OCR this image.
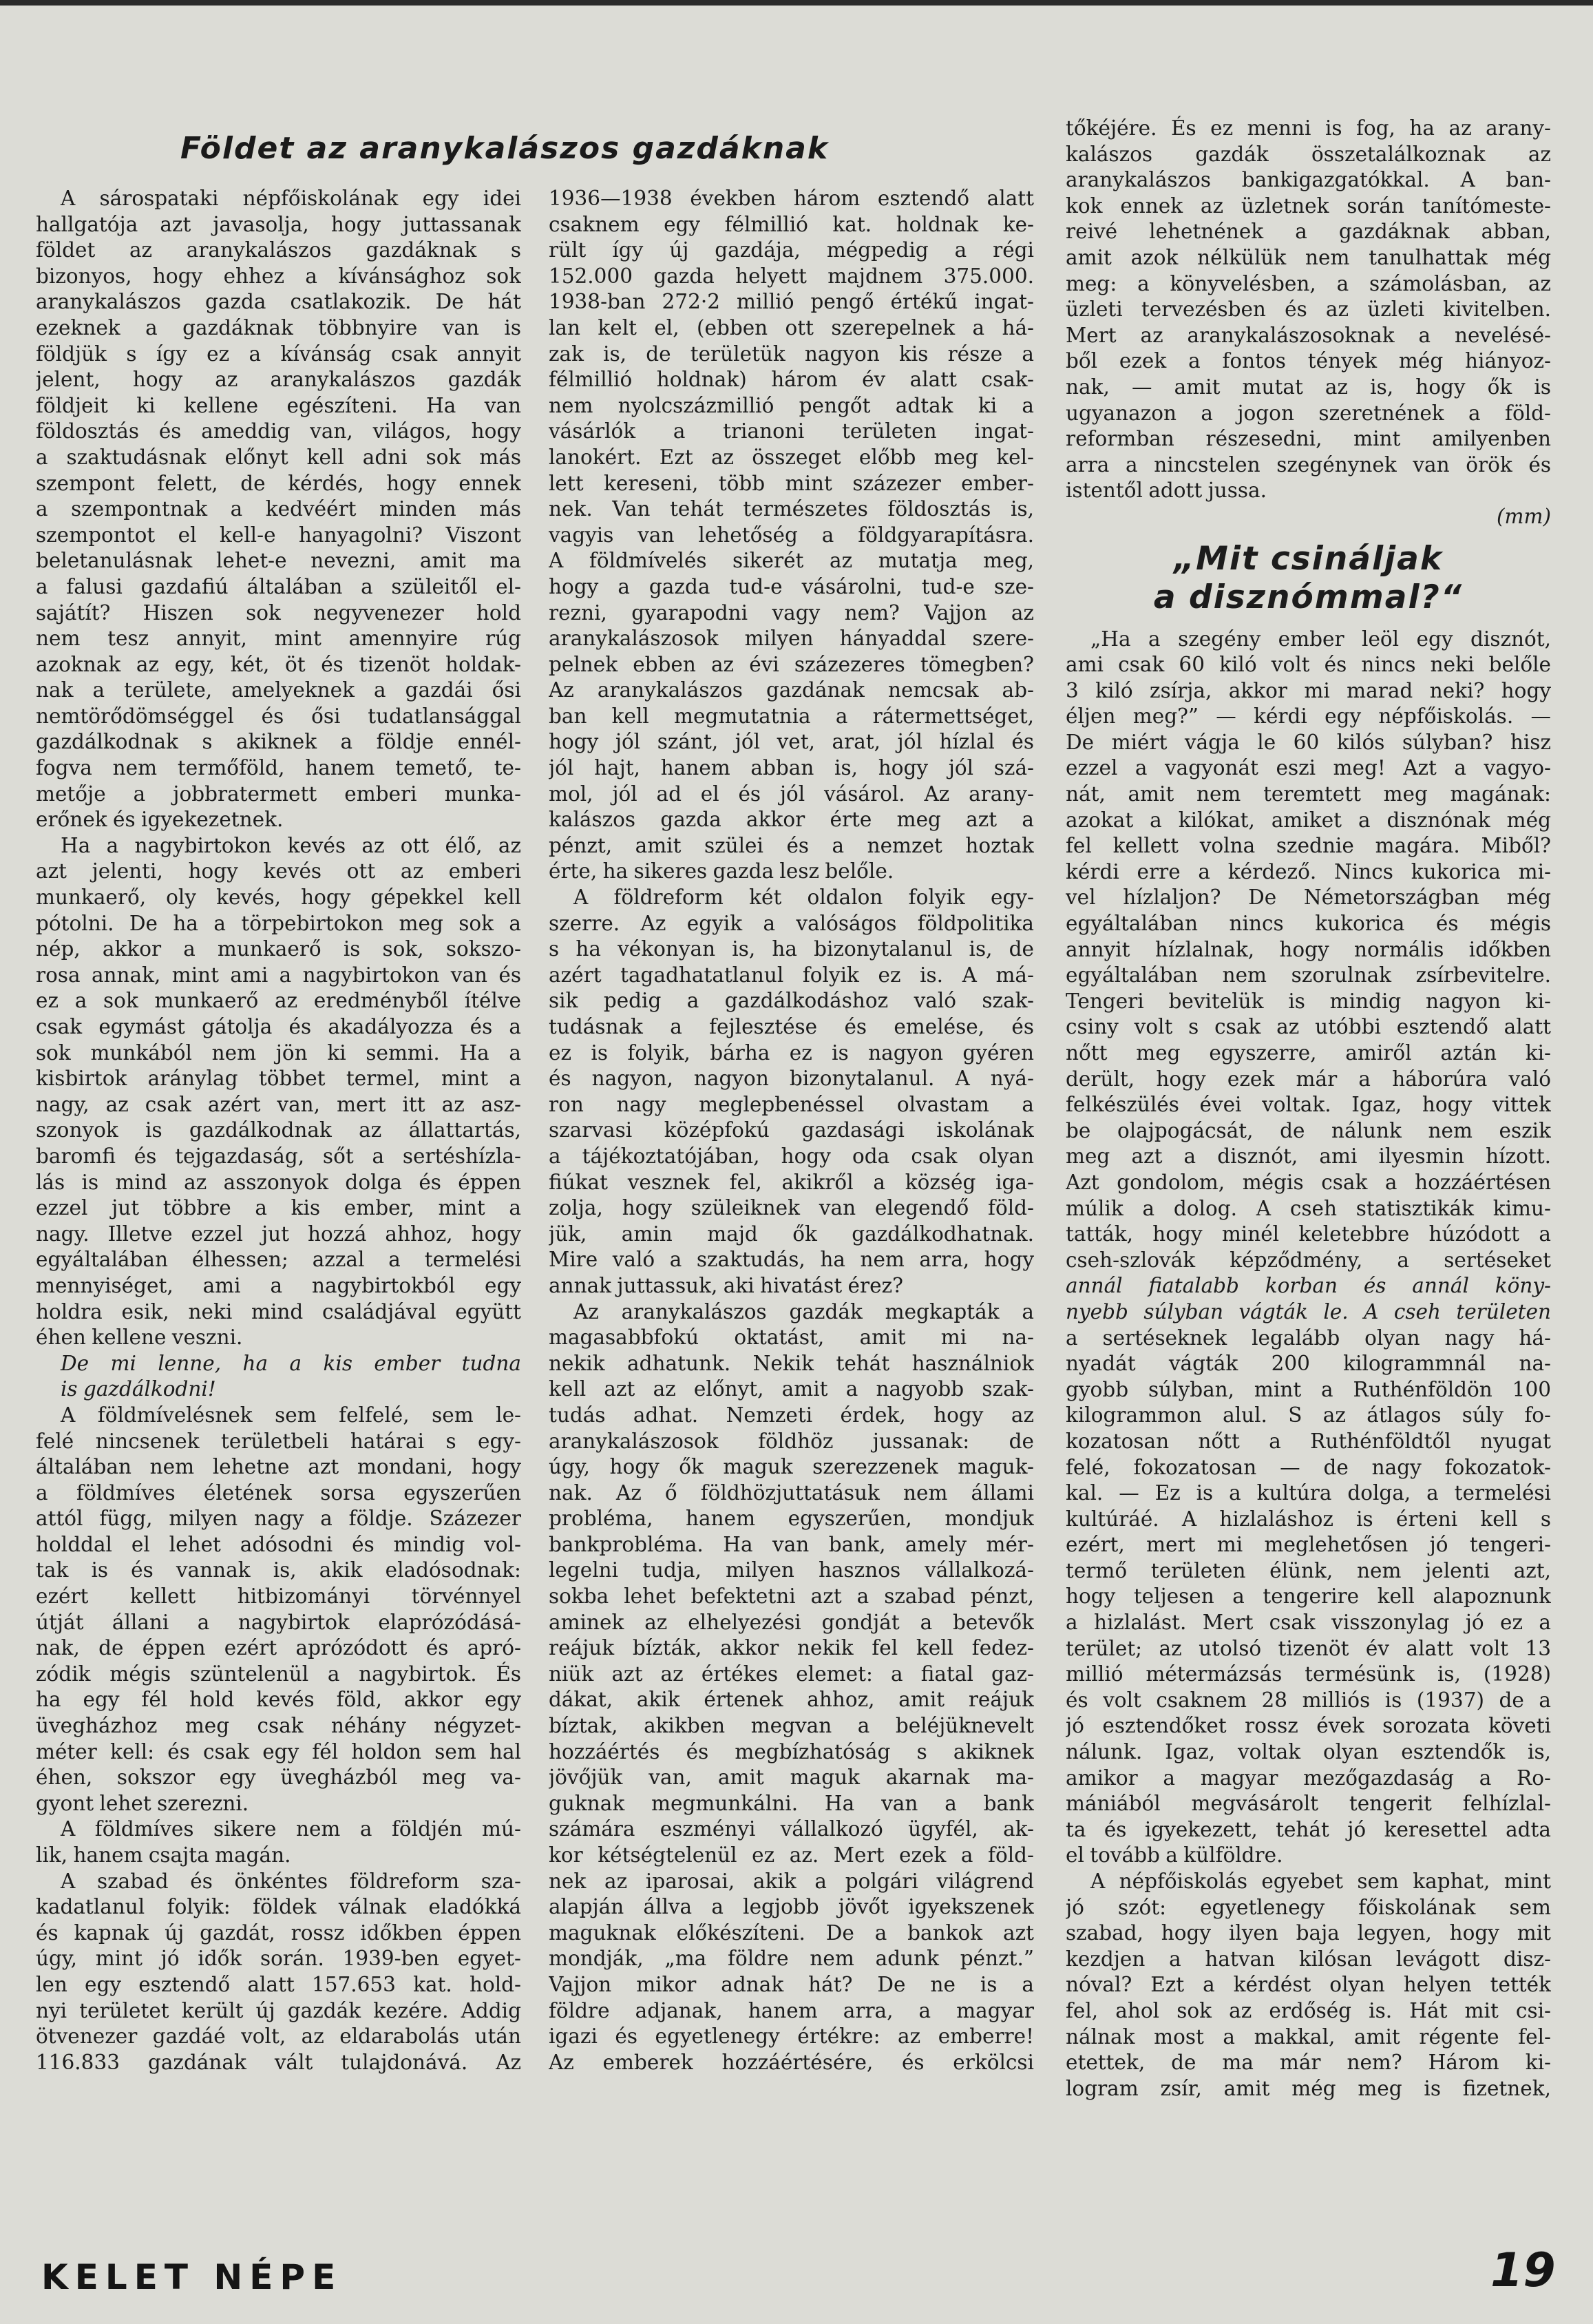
Földet az aranykalászos gazdáknak
A sárospataki népfőiskolának egy idei
hallgatója azt javasolja, hogy juttassanak
földet az aranykalászos gazdáknak s
bizonyos, hogy ehhez a kívánsághoz sok
aranykalászos gazda csatlakozik. De hát
ezeknek a gazdáknak többnyire van is
földjük s így ez a kívánság csak annyit
jelent, hogy az aranykalászos gazdák
földjeit ki kellene egészíteni. Ha van
földosztás és ameddig van, világos, hogy
a szaktudásnak előnyt kell adni sok más
szempont felett, de kérdés, hogy ennek
a szempontnak a kedvéért minden más
szempontot el kell-e hanyagolni? Viszont
beletanulásnak lehet-e nevezni, amit ma
a falusi gazdafiú általában a szüleitől el-
sajátít? Hiszen sok negyvenezer hold
nem tesz annyit, mint amennyire rúg
azoknak az egy, két, öt és tizenöt holdak-
nak a területe, amelyeknek a gazdái ősi
nemtörődömséggel és ősi tudatlansággal
gazdálkodnak s akiknek a földje ennél-
fogva nem termőföld, hanem temető, te-
metője a jobbratermett emberi munka-
erőnek és igyekezetnek.
Ha a nagybirtokon kevés az ott élő, az
azt jelenti, hogy kevés ott az emberi
munkaerő, oly kevés, hogy gépekkel kell
pótolni. De ha a törpebirtokon meg sok a
nép, akkor a munkaerő is sok, sokszo-
rosa annak, mint ami a nagybirtokon van és
ez a sok munkaerő az eredményből ítélve
csak egymást gátolja és akadályozza és a
sok munkából nem jön ki semmi. Ha a
kisbirtok aránylag többet termel, mint a
nagy, az csak azért van, mert itt az asz-
szonyok is gazdálkodnak az állattartás,
baromfi és tejgazdaság, sőt a sertéshízla-
lás is mind az asszonyok dolga és éppen
ezzel jut többre a kis ember, mint a
nagy. Illetve ezzel jut hozzá ahhoz, hogy
egyáltalában élhessen; azzal a termelési
mennyiséget, ami a nagybirtokból egy
holdra esik, neki mind családjával együtt
éhen kellene veszni.
De mi lenne, ha a kis ember tudna
is gazdálkodni!
A földmívelésnek sem felfelé, sem le-
felé nincsenek területbeli határai s egy-
általában nem lehetne azt mondani, hogy
a földmíves életének sorsa egyszerűen
attól függ, milyen nagy a földje. Százezer
holddal el lehet adósodni és mindig vol-
tak is és vannak is, akik eladósodnak:
ezért kellett hitbizományi törvénnyel
útját állani a nagybirtok elaprózódásá-
nak, de éppen ezért aprózódott és apró-
zódik mégis szüntelenül a nagybirtok. És
ha egy fél hold kevés föld, akkor egy
üvegházhoz meg csak néhány négyzet-
méter kell: és csak egy fél holdon sem hal
éhen, sokszor egy üvegházból meg va-
gyont lehet szerezni.
A földmíves sikere nem a földjén mú-
lik, hanem csajta magán.
A szabad és önkéntes földreform sza-
kadatlanul folyik: földek válnak eladókká
és kapnak új gazdát, rossz időkben éppen
úgy, mint jó idők során. 1939-ben egyet-
len egy esztendő alatt 157.653 kat. hold-
nyi területet került új gazdák kezére. Addig
ötvenezer gazdáé volt, az eldarabolás után
116.833 gazdának vált tulajdonává. Az
1936—1938 években három esztendő alatt
csaknem egy félmillió kat. holdnak ke-
rült így új gazdája, mégpedig a régi
152.000 gazda helyett majdnem 375.000.
1938-ban 272·2 millió pengő értékű ingat-
lan kelt el, (ebben ott szerepelnek a há-
zak is, de területük nagyon kis része a
félmillió holdnak) három év alatt csak-
nem nyolcszázmillió pengőt adtak ki a
vásárlók a trianoni területen ingat-
lanokért. Ezt az összeget előbb meg kel-
lett kereseni, több mint százezer ember-
nek. Van tehát természetes földosztás is,
vagyis van lehetőség a földgyarapításra.
A földmívelés sikerét az mutatja meg,
hogy a gazda tud-e vásárolni, tud-e sze-
rezni, gyarapodni vagy nem? Vajjon az
aranykalászosok milyen hányaddal szere-
pelnek ebben az évi százezeres tömegben?
Az aranykalászos gazdának nemcsak ab-
ban kell megmutatnia a rátermettséget,
hogy jól szánt, jól vet, arat, jól hízlal és
jól hajt, hanem abban is, hogy jól szá-
mol, jól ad el és jól vásárol. Az arany-
kalászos gazda akkor érte meg azt a
pénzt, amit szülei és a nemzet hoztak
érte, ha sikeres gazda lesz belőle.
A földreform két oldalon folyik egy-
szerre. Az egyik a valóságos földpolitika
s ha vékonyan is, ha bizonytalanul is, de
azért tagadhatatlanul folyik ez is. A má-
sik pedig a gazdálkodáshoz való szak-
tudásnak a fejlesztése és emelése, és
ez is folyik, bárha ez is nagyon gyéren
és nagyon, nagyon bizonytalanul. A nyá-
ron nagy meglepbenéssel olvastam a
szarvasi középfokú gazdasági iskolának
a tájékoztatójában, hogy oda csak olyan
fiúkat vesznek fel, akikről a község iga-
zolja, hogy szüleiknek van elegendő föld-
jük, amin majd ők gazdálkodhatnak.
Mire való a szaktudás, ha nem arra, hogy
annak juttassuk, aki hivatást érez?
Az aranykalászos gazdák megkapták a
magasabbfokú oktatást, amit mi na-
nekik adhatunk. Nekik tehát használniok
kell azt az előnyt, amit a nagyobb szak-
tudás adhat. Nemzeti érdek, hogy az
aranykalászosok földhöz jussanak: de
úgy, hogy ők maguk szerezzenek maguk-
nak. Az ő földhözjuttatásuk nem állami
probléma, hanem egyszerűen, mondjuk
bankprobléma. Ha van bank, amely mér-
legelni tudja, milyen hasznos vállalkozá-
sokba lehet befektetni azt a szabad pénzt,
aminek az elhelyezési gondját a betevők
reájuk bízták, akkor nekik fel kell fedez-
niük azt az értékes elemet: a fiatal gaz-
dákat, akik értenek ahhoz, amit reájuk
bíztak, akikben megvan a beléjüknevelt
hozzáértés és megbízhatóság s akiknek
jövőjük van, amit maguk akarnak ma-
guknak megmunkálni. Ha van a bank
számára eszményi vállalkozó ügyfél, ak-
kor kétségtelenül ez az. Mert ezek a föld-
nek az iparosai, akik a polgári világrend
alapján állva a legjobb jövőt igyekszenek
maguknak előkészíteni. De a bankok azt
mondják, „ma földre nem adunk pénzt.”
Vajjon mikor adnak hát? De ne is a
földre adjanak, hanem arra, a magyar
igazi és egyetlenegy értékre: az emberre!
Az emberek hozzáértésére, és erkölcsi
tőkéjére. És ez menni is fog, ha az arany-
kalászos gazdák összetalálkoznak az
aranykalászos bankigazgatókkal. A ban-
kok ennek az üzletnek során tanítómeste-
reivé lehetnének a gazdáknak abban,
amit azok nélkülük nem tanulhattak még
meg: a könyvelésben, a számolásban, az
üzleti tervezésben és az üzleti kivitelben.
Mert az aranykalászosoknak a nevelésé-
ből ezek a fontos tények még hiányoz-
nak, — amit mutat az is, hogy ők is
ugyanazon a jogon szeretnének a föld-
reformban részesedni, mint amilyenben
arra a nincstelen szegénynek van örök és
istentől adott jussa.
(mm)
„Mit csináljak
a disznómmal?“
„Ha a szegény ember leöl egy disznót,
ami csak 60 kiló volt és nincs neki belőle
3 kiló zsírja, akkor mi marad neki? hogy
éljen meg?” — kérdi egy népfőiskolás. —
De miért vágja le 60 kilós súlyban? hisz
ezzel a vagyonát eszi meg! Azt a vagyo-
nát, amit nem teremtett meg magának:
azokat a kilókat, amiket a disznónak még
fel kellett volna szednie magára. Miből?
kérdi erre a kérdező. Nincs kukorica mi-
vel hízlaljon? De Németországban még
egyáltalában nincs kukorica és mégis
annyit hízlalnak, hogy normális időkben
egyáltalában nem szorulnak zsírbevitelre.
Tengeri bevitelük is mindig nagyon ki-
csiny volt s csak az utóbbi esztendő alatt
nőtt meg egyszerre, amiről aztán ki-
derült, hogy ezek már a háborúra való
felkészülés évei voltak. Igaz, hogy vittek
be olajpogácsát, de nálunk nem eszik
meg azt a disznót, ami ilyesmin hízott.
Azt gondolom, mégis csak a hozzáértésen
múlik a dolog. A cseh statisztikák kimu-
tatták, hogy minél keletebbre húzódott a
cseh-szlovák képződmény, a sertéseket
annál fiatalabb korban és annál köny-
nyebb súlyban vágták le. A cseh területen
a sertéseknek legalább olyan nagy há-
nyadát vágták 200 kilogrammnál na-
gyobb súlyban, mint a Ruthénföldön 100
kilogrammon alul. S az átlagos súly fo-
kozatosan nőtt a Ruthénföldtől nyugat
felé, fokozatosan — de nagy fokozatok-
kal. — Ez is a kultúra dolga, a termelési
kultúráé. A hizlaláshoz is érteni kell s
ezért, mert mi meglehetősen jó tengeri-
termő területen élünk, nem jelenti azt,
hogy teljesen a tengerire kell alapoznunk
a hizlalást. Mert csak visszonylag jó ez a
terület; az utolsó tizenöt év alatt volt 13
millió métermázsás termésünk is, (1928)
és volt csaknem 28 milliós is (1937) de a
jó esztendőket rossz évek sorozata követi
nálunk. Igaz, voltak olyan esztendők is,
amikor a magyar mezőgazdaság a Ro-
mániából megvásárolt tengerit felhízlal-
ta és igyekezett, tehát jó keresettel adta
el tovább a külföldre.
A népfőiskolás egyebet sem kaphat, mint
jó szót: egyetlenegy főiskolának sem
szabad, hogy ilyen baja legyen, hogy mit
kezdjen a hatvan kilósan levágott disz-
nóval? Ezt a kérdést olyan helyen tették
fel, ahol sok az erdőség is. Hát mit csi-
nálnak most a makkal, amit régente fel-
etettek, de ma már nem? Három ki-
logram zsír, amit még meg is fizetnek,
KELET NÉPE	19
